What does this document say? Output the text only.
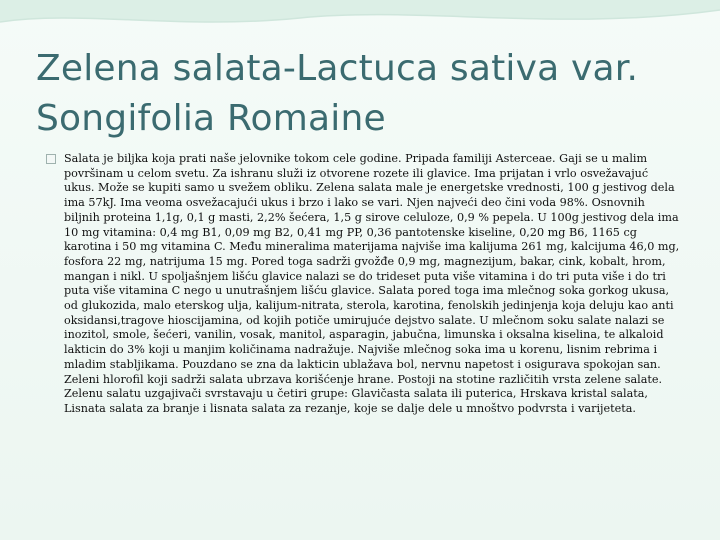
Zelena salata-Lactuca sativa var. Songifolia Romaine
Salata je biljka koja prati naše jelovnike tokom cele godine. Pripada familiji Asterceae. Gaji se u malim površinam u celom svetu. Za ishranu služi iz otvorene rozete ili glavice. Ima prijatan i vrlo osvežavajuć ukus. Može se kupiti samo u svežem obliku. Zelena salata male je energetske vrednosti, 100 g jestivog dela ima 57kJ. Ima veoma osvežacajući ukus i brzo i lako se vari. Njen najveći deo čini voda 98%. Osnovnih biljnih proteina 1,1g, 0,1 g masti, 2,2% šećera, 1,5 g sirove celuloze, 0,9 % pepela. U 100g jestivog dela ima 10 mg vitamina: 0,4 mg B1, 0,09 mg B2, 0,41 mg PP, 0,36 pantotenske kiseline, 0,20 mg B6, 1165 cg karotina i 50 mg vitamina C. Među mineralima materijama najviše ima kalijuma 261 mg, kalcijuma 46,0 mg, fosfora 22 mg, natrijuma 15 mg. Pored toga sadrži gvožđe 0,9 mg, magnezijum, bakar, cink, kobalt, hrom, mangan i nikl. U spoljašnjem lišću glavice nalazi se do trideset puta više vitamina i do tri puta više i do tri puta više vitamina C nego u unutrašnjem lišću glavice. Salata pored toga ima mlečnog soka gorkog ukusa, od glukozida, malo eterskog ulja, kalijum-nitrata, sterola, karotina, fenolskih jedinjenja koja deluju kao anti oksidansi,tragove hioscijamina, od kojih potiče umirujuće dejstvo salate. U mlečnom soku salate nalazi se inozitol, smole, šećeri, vanilin, vosak, manitol, asparagin, jabučna, limunska i oksalna kiselina, te alkaloid lakticin do 3% koji u manjim količinama nadražuje. Najviše mlečnog soka ima u korenu, lisnim rebrima i mladim stabljikama. Pouzdano se zna da lakticin ublažava bol, nervnu napetost i osigurava spokojan san. Zeleni hlorofil koji sadrži salata ubrzava korišćenje hrane. Postoji na stotine različitih vrsta zelene salate. Zelenu salatu uzgajivači svrstavaju u četiri grupe: Glavičasta salata ili puterica, Hrskava kristal salata, Lisnata salata za branje i lisnata salata za rezanje, koje se dalje dele u mnoštvo podvrsta i varijeteta.
